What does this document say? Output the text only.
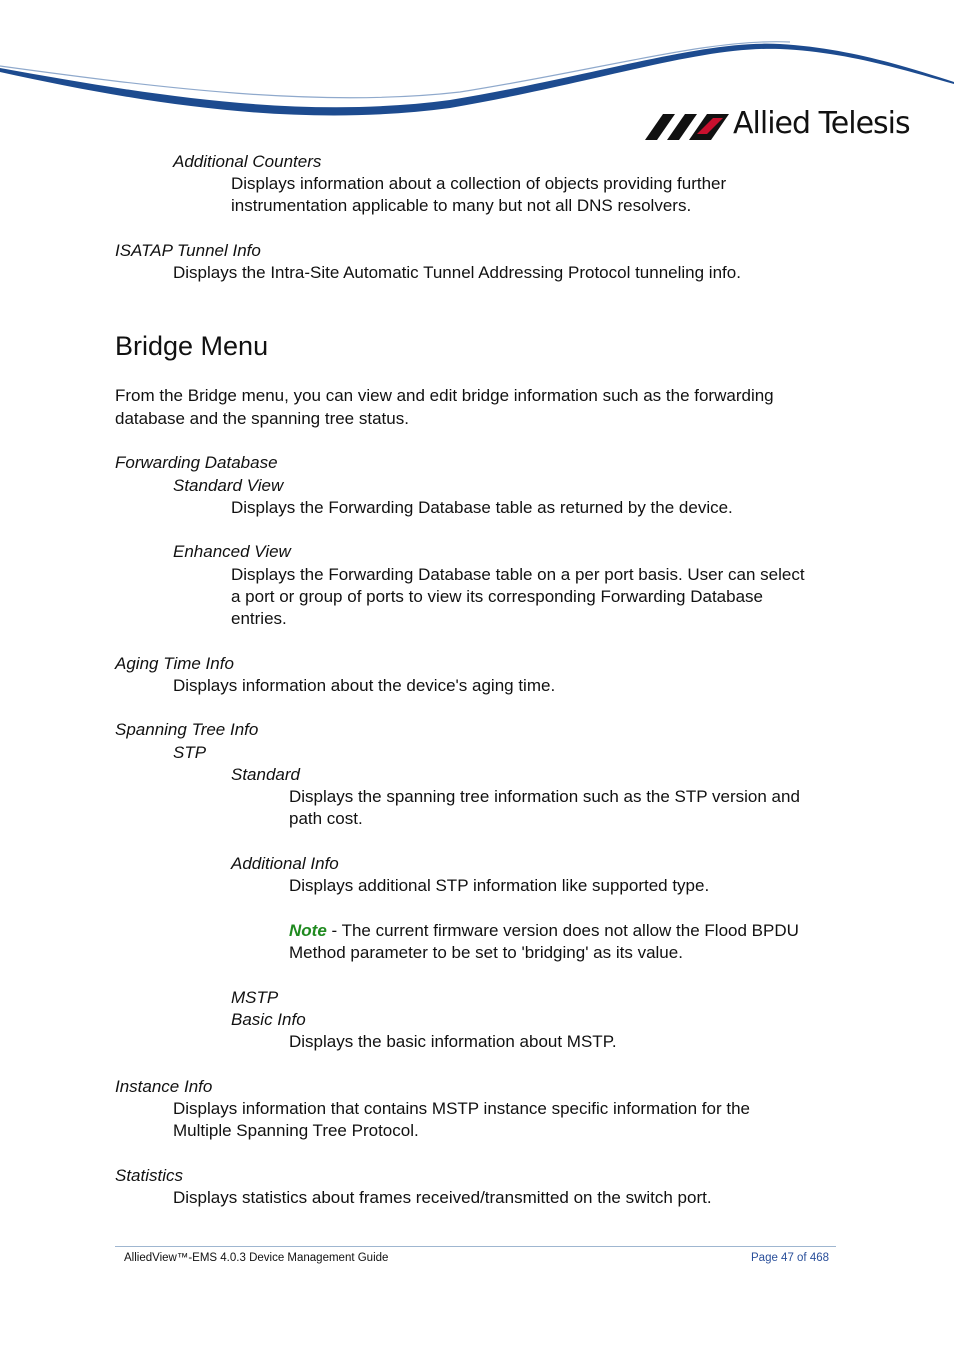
Allied Telesis
Additional Counters
Displays information about a collection of objects providing further
instrumentation applicable to many but not all DNS resolvers.
ISATAP Tunnel Info
Displays the Intra-Site Automatic Tunnel Addressing Protocol tunneling info.
Bridge Menu
From the Bridge menu, you can view and edit bridge information such as the forwarding
database and the spanning tree status.
Forwarding Database
Standard View
Displays the Forwarding Database table as returned by the device.
Enhanced View
Displays the Forwarding Database table on a per port basis. User can select
a port or group of ports to view its corresponding Forwarding Database
entries.
Aging Time Info
Displays information about the device's aging time.
Spanning Tree Info
STP
Standard
Displays the spanning tree information such as the STP version and
path cost.
Additional Info
Displays additional STP information like supported type.
Note - The current firmware version does not allow the Flood BPDU
Method parameter to be set to 'bridging' as its value.
MSTP
Basic Info
Displays the basic information about MSTP.
Instance Info
Displays information that contains MSTP instance specific information for the
Multiple Spanning Tree Protocol.
Statistics
Displays statistics about frames received/transmitted on the switch port.
AlliedView™-EMS 4.0.3 Device Management Guide	Page 47 of 468
